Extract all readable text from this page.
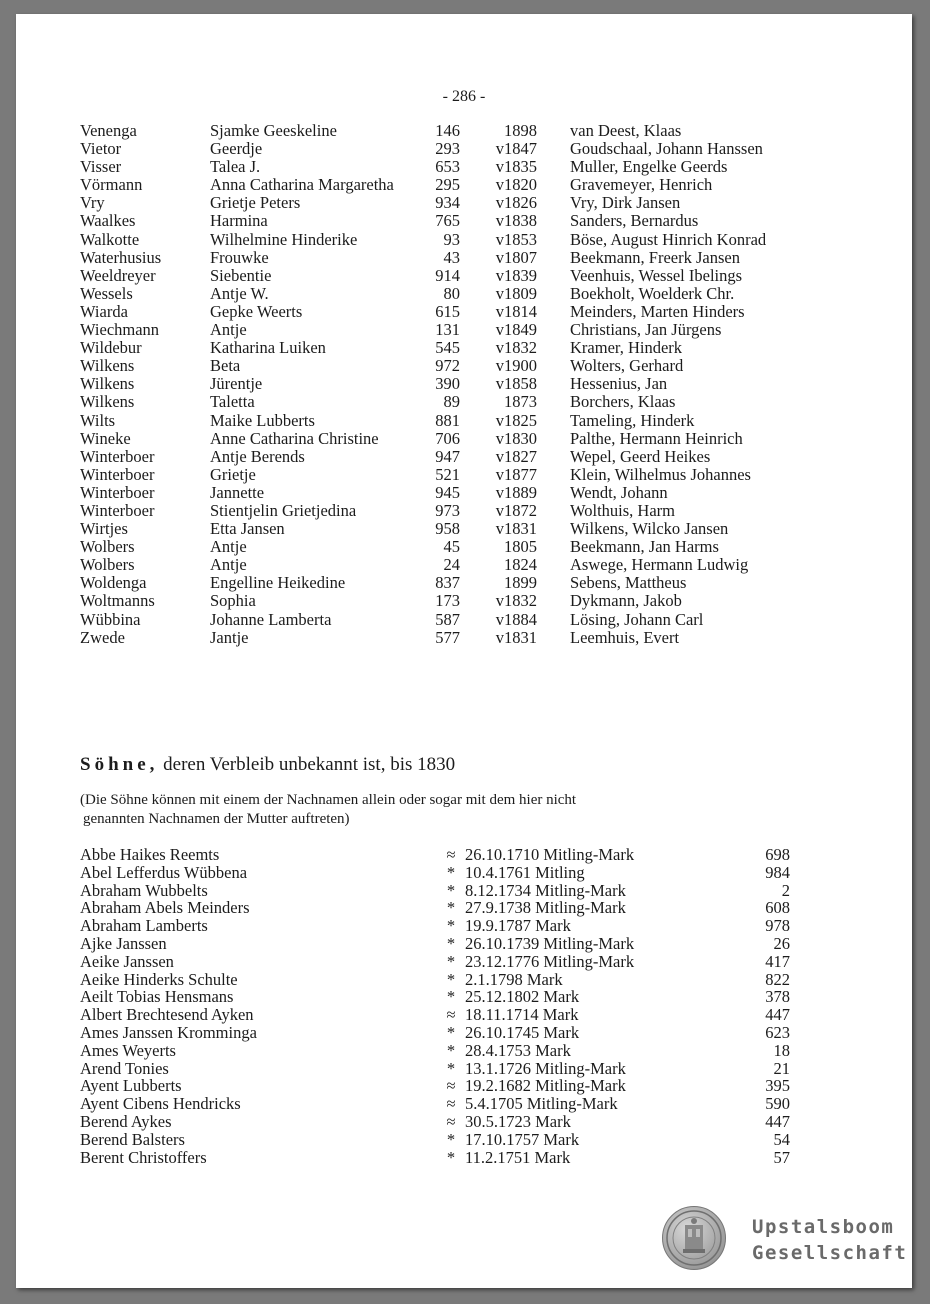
- 286 -
Venenga	Sjamke Geeskeline	146	1898 van Deest, Klaas
Vietor	Geerdje	293	v1847 Goudschaal, Johann Hanssen
Visser	Talea J.	653	v1835 Muller, Engelke Geerds
Vörmann	Anna Catharina Margaretha	295	v1820 Gravemeyer, Henrich
Vry	Grietje Peters	934	v1826 Vry, Dirk Jansen
Waalkes	Harmina	765	v1838 Sanders, Bernardus
Walkotte	Wilhelmine Hinderike	93	v1853 Böse, August Hinrich Konrad
Waterhusius	Frouwke	43	v1807 Beekmann, Freerk Jansen
Weeldreyer	Siebentie	914	v1839 Veenhuis, Wessel Ibelings
Wessels	Antje W.	80	v1809 Boekholt, Woelderk Chr.
Wiarda	Gepke Weerts	615	v1814 Meinders, Marten Hinders
Wiechmann	Antje	131	v1849 Christians, Jan Jürgens
Wildebur	Katharina Luiken	545	v1832 Kramer, Hinderk
Wilkens	Beta	972	v1900 Wolters, Gerhard
Wilkens	Jürentje	390	v1858 Hessenius, Jan
Wilkens	Taletta	89	1873 Borchers, Klaas
Wilts	Maike Lubberts	881	v1825 Tameling, Hinderk
Wineke	Anne Catharina Christine	706	v1830 Palthe, Hermann Heinrich
Winterboer	Antje Berends	947	v1827 Wepel, Geerd Heikes
Winterboer	Grietje	521	v1877 Klein, Wilhelmus Johannes
Winterboer	Jannette	945	v1889 Wendt, Johann
Winterboer	Stientjelin Grietjedina	973	v1872 Wolthuis, Harm
Wirtjes	Etta Jansen	958	v1831 Wilkens, Wilcko Jansen
Wolbers	Antje	45	1805 Beekmann, Jan Harms
Wolbers	Antje	24	1824 Aswege, Hermann Ludwig
Woldenga	Engelline Heikedine	837	1899 Sebens, Mattheus
Woltmanns	Sophia	173	v1832 Dykmann, Jakob
Wübbina	Johanne Lamberta	587	v1884 Lösing, Johann Carl
Zwede	Jantje	577	v1831 Leemhuis, Evert
Söhne, deren Verbleib unbekannt ist, bis 1830
(Die Söhne können mit einem der Nachnamen allein oder sogar mit dem hier nicht
genannten Nachnamen der Mutter auftreten)
Abbe Haikes Reemts	≈ 26.10.1710 Mitling-Mark	698
Abel Lefferdus Wübbena	* 10.4.1761 Mitling	984
Abraham Wubbelts	* 8.12.1734 Mitling-Mark	2
Abraham Abels Meinders	* 27.9.1738 Mitling-Mark	608
Abraham Lamberts	* 19.9.1787 Mark	978
Ajke Janssen	* 26.10.1739 Mitling-Mark	26
Aeike Janssen	* 23.12.1776 Mitling-Mark	417
Aeike Hinderks Schulte	* 2.1.1798 Mark	822
Aeilt Tobias Hensmans	* 25.12.1802 Mark	378
Albert Brechtesend Ayken	≈ 18.11.1714 Mark	447
Ames Janssen Kromminga	* 26.10.1745 Mark	623
Ames Weyerts	* 28.4.1753 Mark	18
Arend Tonies	* 13.1.1726 Mitling-Mark	21
Ayent Lubberts	≈ 19.2.1682 Mitling-Mark	395
Ayent Cibens Hendricks	≈ 5.4.1705 Mitling-Mark	590
Berend Aykes	≈ 30.5.1723 Mark	447
Berend Balsters	* 17.10.1757 Mark	54
Berent Christoffers	* 11.2.1751 Mark	57
Upstalsboom
Gesellschaft
